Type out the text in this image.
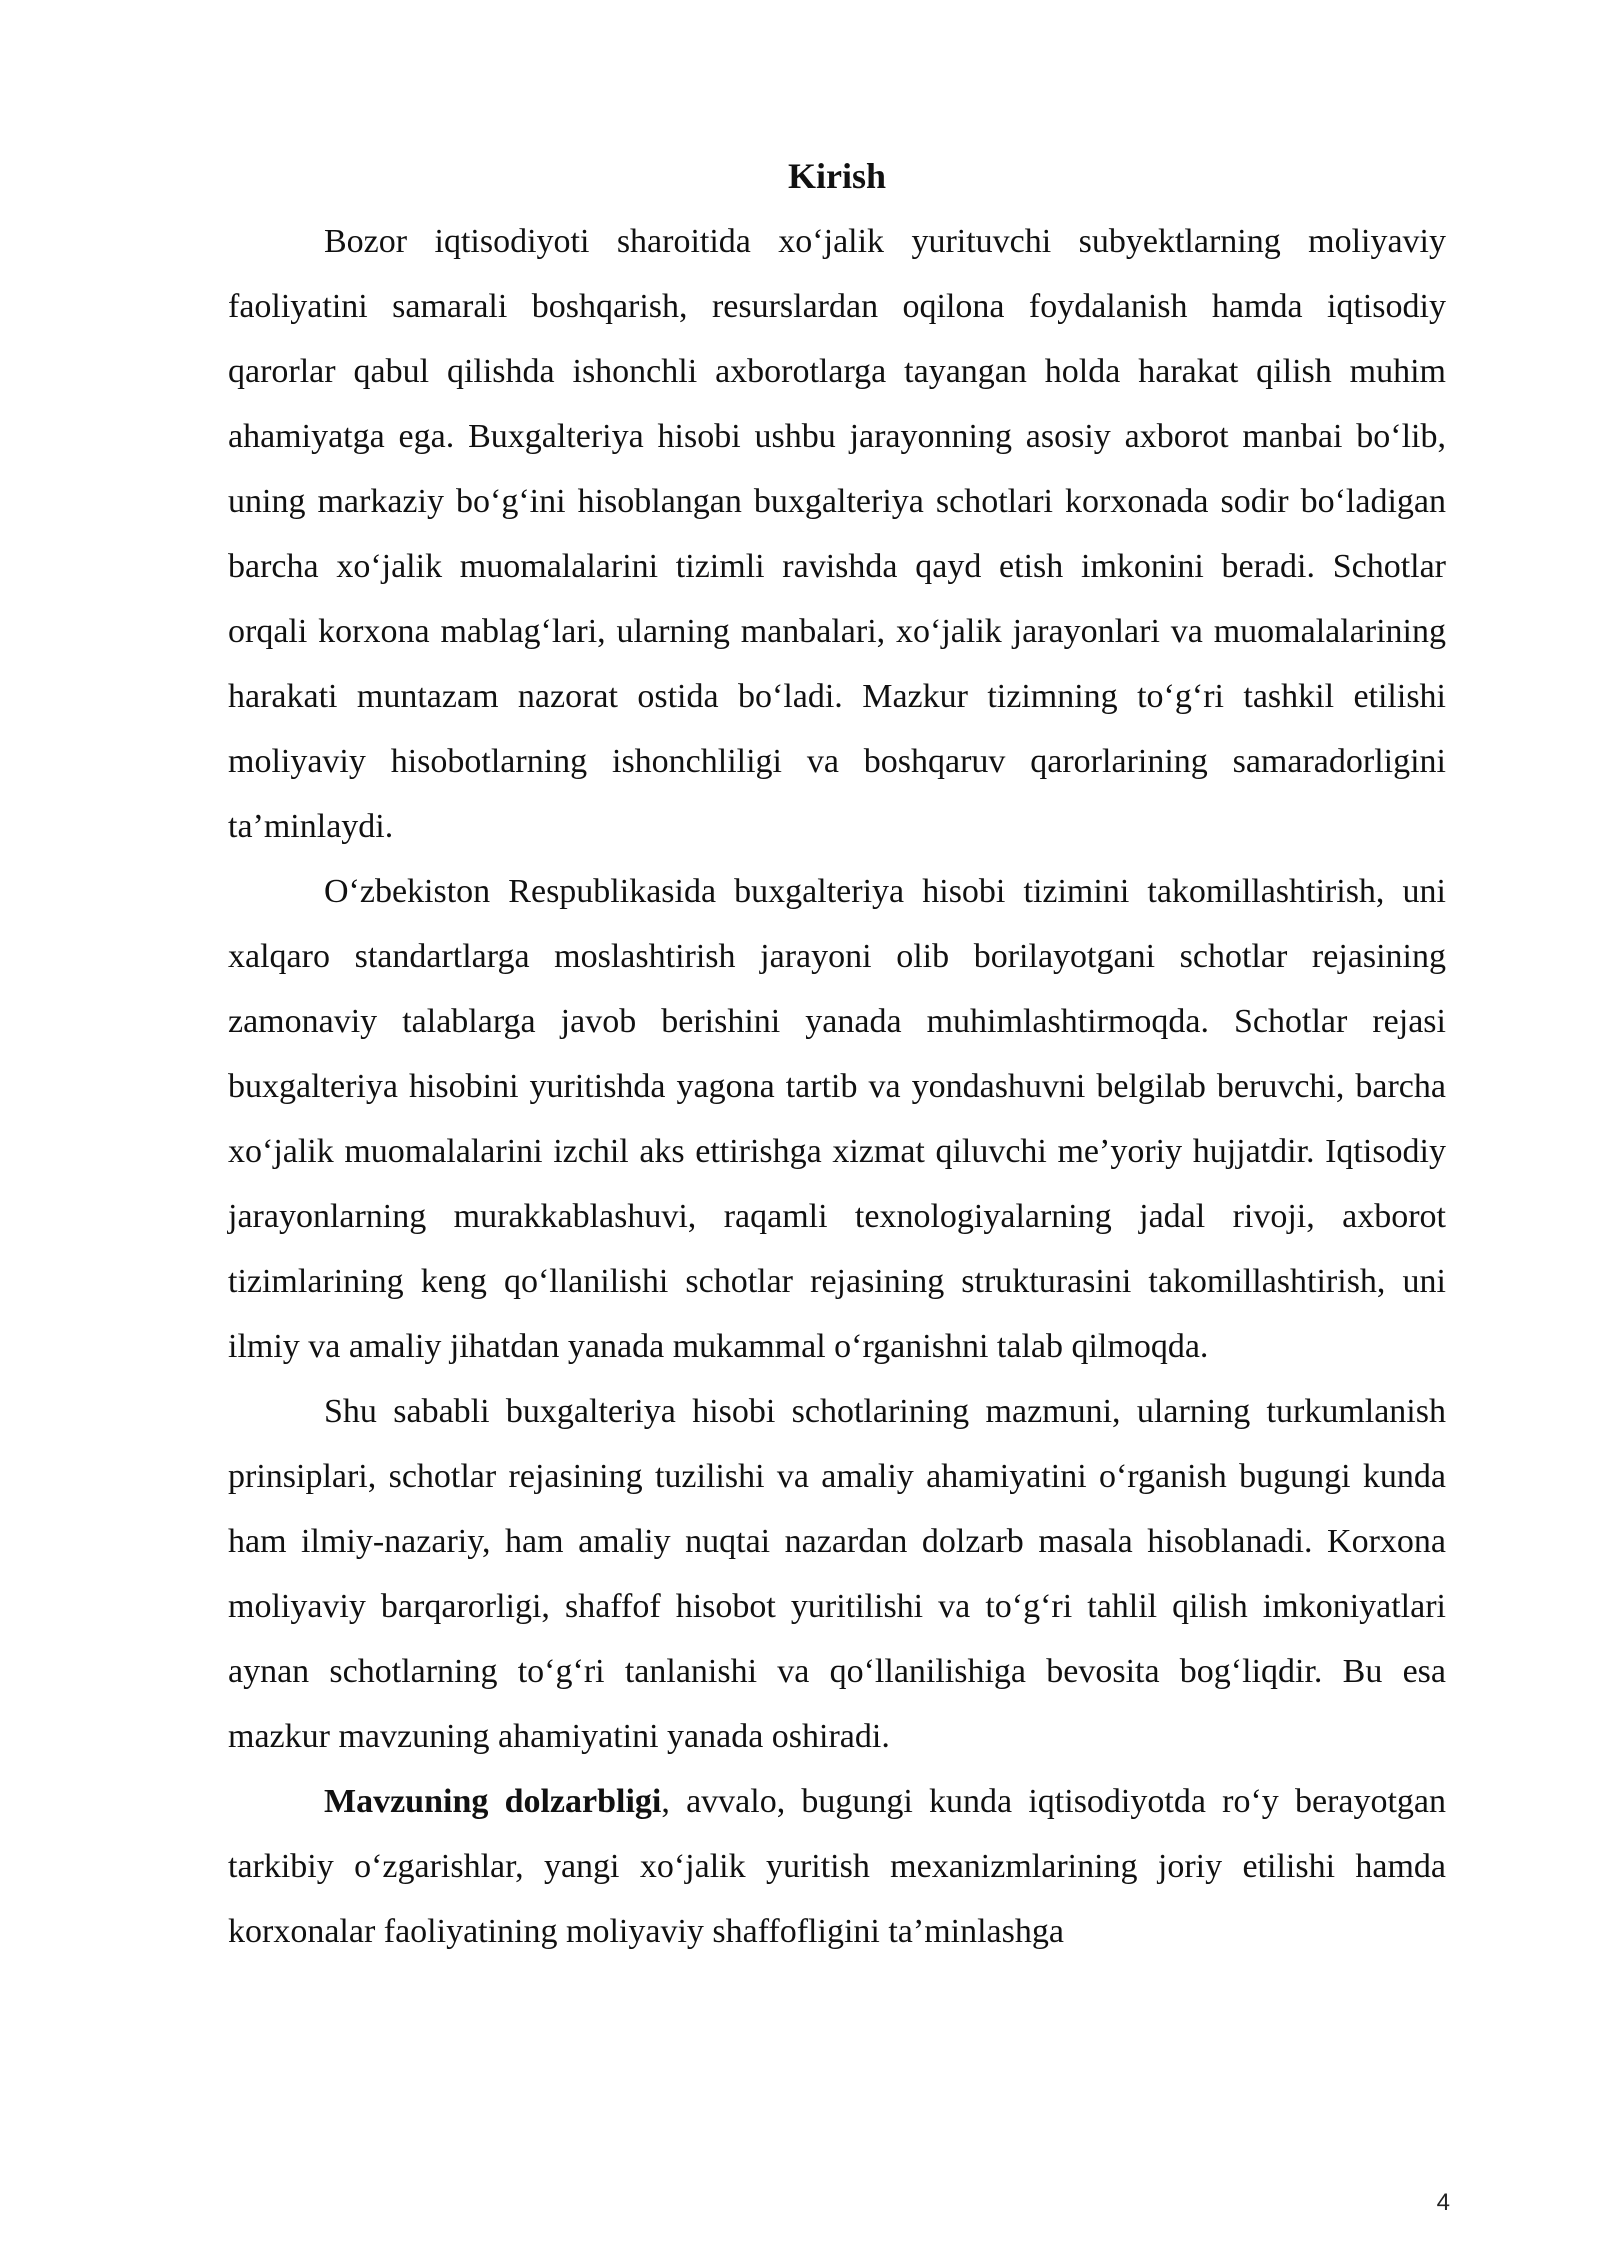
Kirish

Bozor iqtisodiyoti sharoitida xo‘jalik yurituvchi subyektlarning moliyaviy faoliyatini samarali boshqarish, resurslardan oqilona foydalanish hamda iqtisodiy qarorlar qabul qilishda ishonchli axborotlarga tayangan holda harakat qilish muhim ahamiyatga ega. Buxgalteriya hisobi ushbu jarayonning asosiy axborot manbai bo‘lib, uning markaziy bo‘g‘ini hisoblangan buxgalteriya schotlari korxonada sodir bo‘ladigan barcha xo‘jalik muomalalarini tizimli ravishda qayd etish imkonini beradi. Schotlar orqali korxona mablag‘lari, ularning manbalari, xo‘jalik jarayonlari va muomalalarining harakati muntazam nazorat ostida bo‘ladi. Mazkur tizimning to‘g‘ri tashkil etilishi moliyaviy hisobotlarning ishonchliligi va boshqaruv qarorlarining samaradorligini ta’minlaydi.

O‘zbekiston Respublikasida buxgalteriya hisobi tizimini takomillashtirish, uni xalqaro standartlarga moslashtirish jarayoni olib borilayotgani schotlar rejasining zamonaviy talablarga javob berishini yanada muhimlashtirmoqda. Schotlar rejasi buxgalteriya hisobini yuritishda yagona tartib va yondashuvni belgilab beruvchi, barcha xo‘jalik muomalalarini izchil aks ettirishga xizmat qiluvchi me’yoriy hujjatdir. Iqtisodiy jarayonlarning murakkablashuvi, raqamli texnologiyalarning jadal rivoji, axborot tizimlarining keng qo‘llanilishi schotlar rejasining strukturasini takomillashtirish, uni ilmiy va amaliy jihatdan yanada mukammal o‘rganishni talab qilmoqda.

Shu sababli buxgalteriya hisobi schotlarining mazmuni, ularning turkumlanish prinsiplari, schotlar rejasining tuzilishi va amaliy ahamiyatini o‘rganish bugungi kunda ham ilmiy-nazariy, ham amaliy nuqtai nazardan dolzarb masala hisoblanadi. Korxona moliyaviy barqarorligi, shaffof hisobot yuritilishi va to‘g‘ri tahlil qilish imkoniyatlari aynan schotlarning to‘g‘ri tanlanishi va qo‘llanilishiga bevosita bog‘liqdir. Bu esa mazkur mavzuning ahamiyatini yanada oshiradi.

Mavzuning dolzarbligi, avvalo, bugungi kunda iqtisodiyotda ro‘y berayotgan tarkibiy o‘zgarishlar, yangi xo‘jalik yuritish mexanizmlarining joriy etilishi hamda korxonalar faoliyatining moliyaviy shaffofligini ta’minlashga

4
